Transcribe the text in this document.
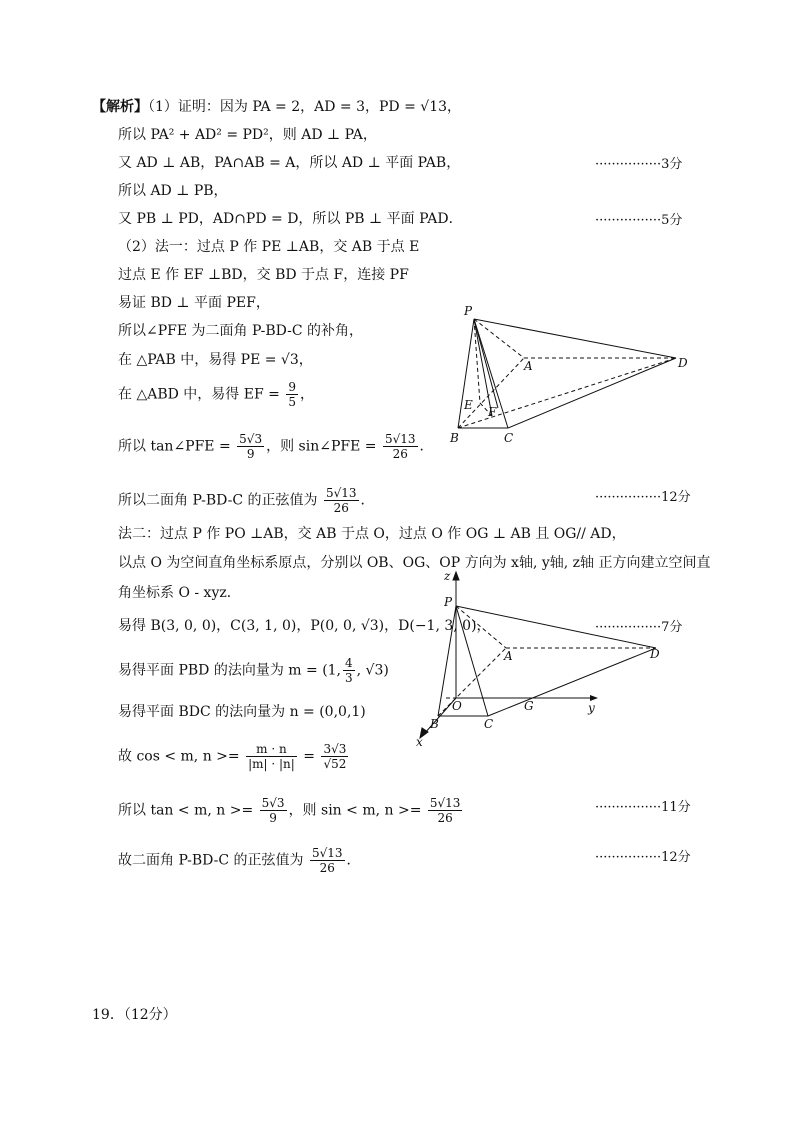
【解析】（1）证明：因为 PA = 2，AD = 3，PD = √13，
所以 PA² + AD² = PD²，则 AD ⊥ PA，
又 AD ⊥ AB，PA∩AB = A，所以 AD ⊥ 平面 PAB，	················3分
所以 AD ⊥ PB，
又 PB ⊥ PD，AD∩PD = D，所以 PB ⊥ 平面 PAD．	················5分
（2）法一：过点 P 作 PE ⊥AB，交 AB 于点 E
过点 E 作 EF ⊥BD，交 BD 于点 F，连接 PF
易证 BD ⊥ 平面 PEF，
所以∠PFE 为二面角 P-BD-C 的补角，
在 △PAB 中，易得 PE = √3，
在 △ABD 中，易得 EF = $\frac{9}{5}$ ，
所以 tan∠PFE = $\frac{5√3}{9}$ ，则 sin∠PFE = $\frac{5√13}{26}$ ．
所以二面角 P-BD-C 的正弦值为 $\frac{5√13}{26}$ ．	················12分
法二：过点 P 作 PO ⊥AB，交 AB 于点 O，过点 O 作 OG ⊥ AB 且 OG// AD，
以点 O 为空间直角坐标系原点，分别以 OB、OG、OP 方向为 x轴, y轴, z轴 正方向建立空间直
角坐标系 O - xyz．
易得 B(3, 0, 0)，C(3, 1, 0)，P(0, 0, √3)，D(−1, 3, 0)，	················7分
易得平面 PBD 的法向量为 m = (1, $\frac{4}{3}$ , √3)
易得平面 BDC 的法向量为 n = (0,0,1)
故 cos < m, $n >= \frac{m \cdot n}{|m| \cdot |n|} = \frac{3√3}{√52}$
所以 tan < m, $n >= \frac{5√3}{9}$ ，则 sin < m, $n >= \frac{5√13}{26}$	················11分
故二面角 P-BD-C 的正弦值为 $\frac{5√13}{26}$ ．	················12分
19．（12分）
P
A	D
E F
B	C
z
P
A	D
O	G	y
B	C
x
